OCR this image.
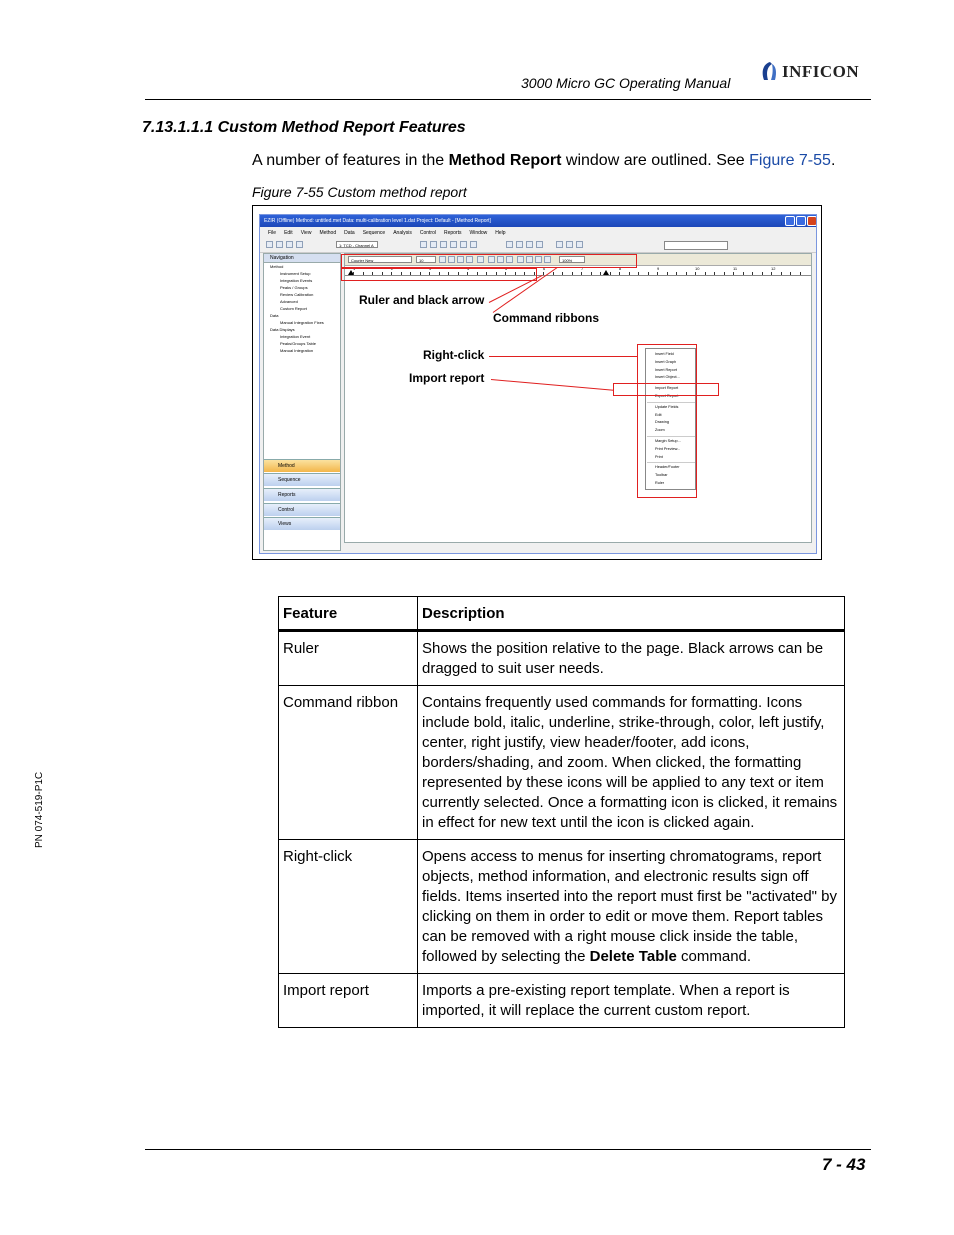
3000 Micro GC Operating Manual
INFICON
7.13.1.1.1 Custom Method Report Features
A number of features in the Method Report window are outlined. See Figure 7-55.
Figure 7-55 Custom method report
EZIR (Offline) Method: untitled.met Data: multi-calibration level 1.dat Project: Default - [Method Report]
File Edit View Method Data Sequence Analysis Control Reports Window Help
1: TCD - Channel A
Navigation
Method
Instrument Setup
Integration Events
Peaks / Groups
Review Calibration
Advanced
Custom Report
Data
Manual Integration Fixes
Data Displays
Integration Event
Peaks/Groups Table
Manual Integration
Method
Sequence
Reports
Control
Views
Courier New	10	100%
1	2	3	4	5	6	7	8	9	10	11	12
Insert Field
Insert Graph
Insert Report
Insert Object...
Import Report
Export Report
Update Fields
Edit
Drawing
Zoom
Margin Setup...
Print Preview...
Print
Header/Footer
Toolbar
Ruler
Ruler and black arrow
Command ribbons
Right-click
Import report
Feature	Description
Ruler	Shows the position relative to the page. Black arrows can be dragged to suit user needs.
Command ribbon	Contains frequently used commands for formatting. Icons include bold, italic, underline, strike-through, color, left justify, center, right justify, view header/footer, add icons, borders/shading, and zoom. When clicked, the formatting represented by these icons will be applied to any text or item currently selected. Once a formatting icon is clicked, it remains in effect for new text until the icon is clicked again.
Right-click	Opens access to menus for inserting chromatograms, report objects, method information, and electronic results sign off fields. Items inserted into the report must first be "activated" by clicking on them in order to edit or move them. Report tables can be removed with a right mouse click inside the table, followed by selecting the Delete Table command.
Import report	Imports a pre-existing report template. When a report is imported, it will replace the current custom report.
PN 074-519-P1C
7 - 43
